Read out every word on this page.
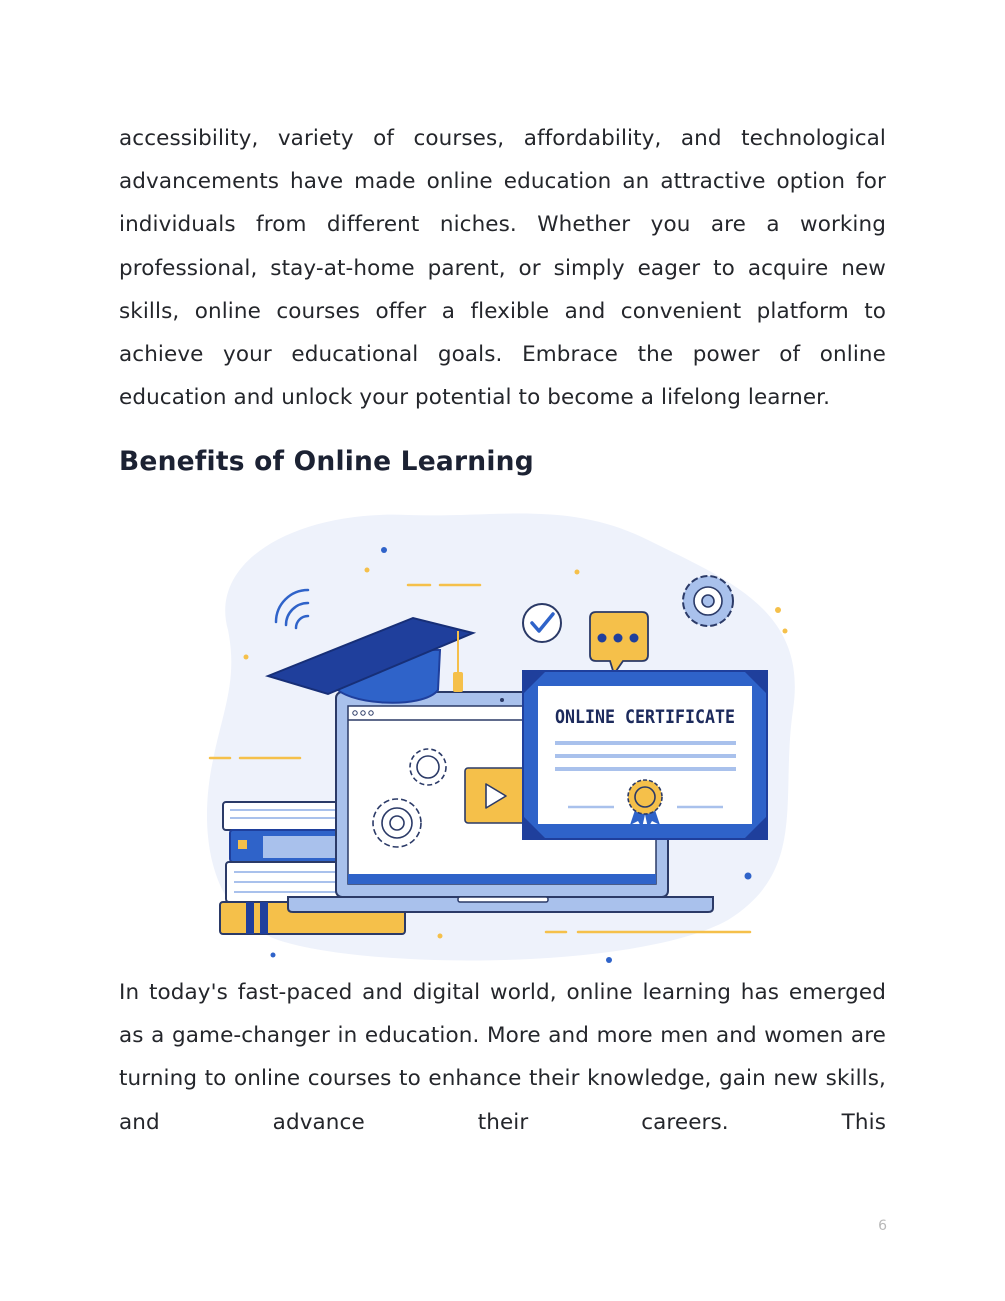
accessibility, variety of courses, affordability, and technological advancements have made online education an attractive option for individuals from different niches. Whether you are a working professional, stay-at-home parent, or simply eager to acquire new skills, online courses offer a flexible and convenient platform to achieve your educational goals. Embrace the power of online education and unlock your potential to become a lifelong learner.

Benefits of Online Learning
ONLINE CERTIFICATE

In today's fast-paced and digital world, online learning has emerged as a game-changer in education. More and more men and women are turning to online courses to enhance their knowledge, gain new skills, and advance their careers. This

6
